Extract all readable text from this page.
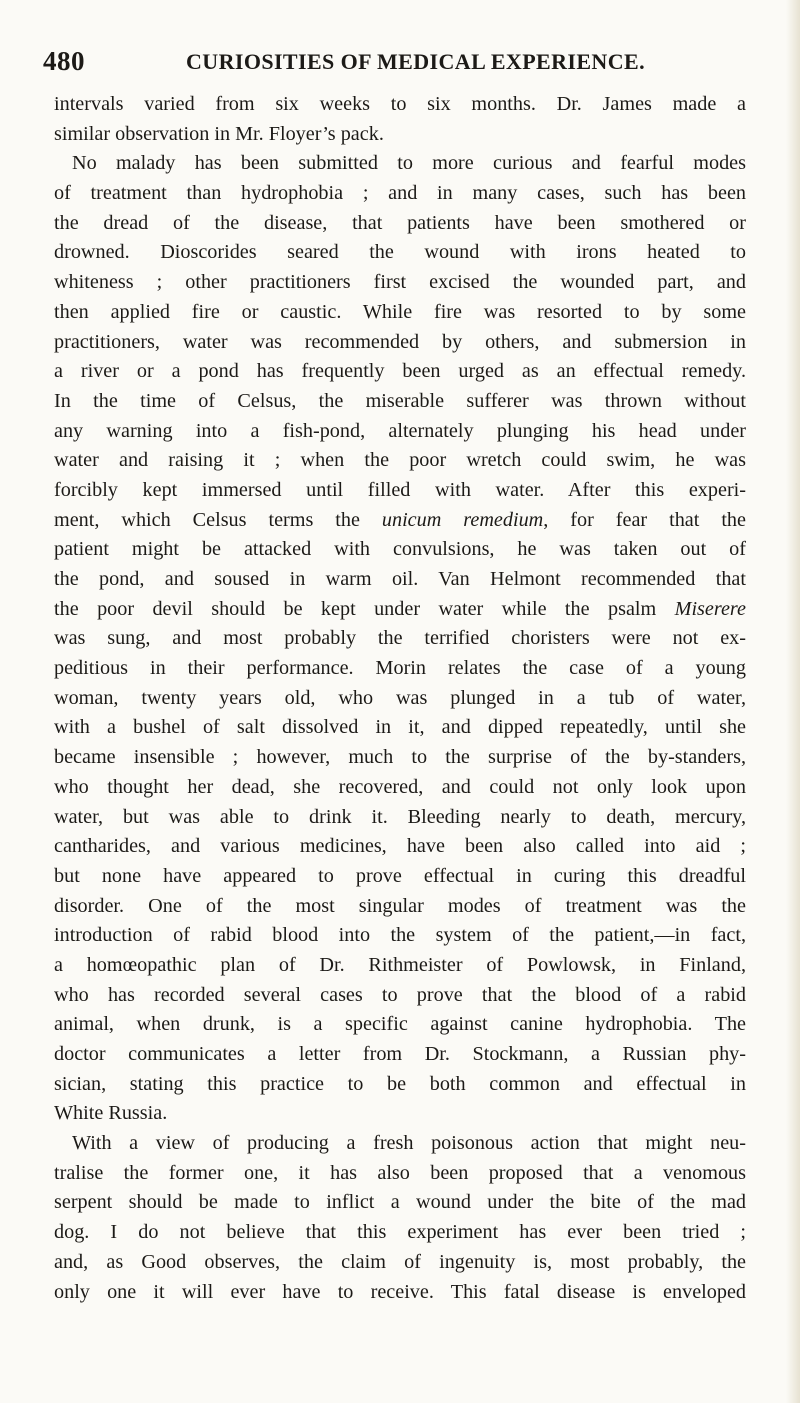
480	CURIOSITIES OF MEDICAL EXPERIENCE.
intervals varied from six weeks to six months. Dr. James made a
similar observation in Mr. Floyer’s pack.
No malady has been submitted to more curious and fearful modes
of treatment than hydrophobia ; and in many cases, such has been
the dread of the disease, that patients have been smothered or
drowned. Dioscorides seared the wound with irons heated to
whiteness ; other practitioners first excised the wounded part, and
then applied fire or caustic. While fire was resorted to by some
practitioners, water was recommended by others, and submersion in
a river or a pond has frequently been urged as an effectual remedy.
In the time of Celsus, the miserable sufferer was thrown without
any warning into a fish-pond, alternately plunging his head under
water and raising it ; when the poor wretch could swim, he was
forcibly kept immersed until filled with water. After this experi-
ment, which Celsus terms the unicum remedium, for fear that the
patient might be attacked with convulsions, he was taken out of
the pond, and soused in warm oil. Van Helmont recommended that
the poor devil should be kept under water while the psalm Miserere
was sung, and most probably the terrified choristers were not ex-
peditious in their performance. Morin relates the case of a young
woman, twenty years old, who was plunged in a tub of water,
with a bushel of salt dissolved in it, and dipped repeatedly, until she
became insensible ; however, much to the surprise of the by-standers,
who thought her dead, she recovered, and could not only look upon
water, but was able to drink it. Bleeding nearly to death, mercury,
cantharides, and various medicines, have been also called into aid ;
but none have appeared to prove effectual in curing this dreadful
disorder. One of the most singular modes of treatment was the
introduction of rabid blood into the system of the patient,—in fact,
a homœopathic plan of Dr. Rithmeister of Powlowsk, in Finland,
who has recorded several cases to prove that the blood of a rabid
animal, when drunk, is a specific against canine hydrophobia. The
doctor communicates a letter from Dr. Stockmann, a Russian phy-
sician, stating this practice to be both common and effectual in
White Russia.
With a view of producing a fresh poisonous action that might neu-
tralise the former one, it has also been proposed that a venomous
serpent should be made to inflict a wound under the bite of the mad
dog. I do not believe that this experiment has ever been tried ;
and, as Good observes, the claim of ingenuity is, most probably, the
only one it will ever have to receive. This fatal disease is enveloped
